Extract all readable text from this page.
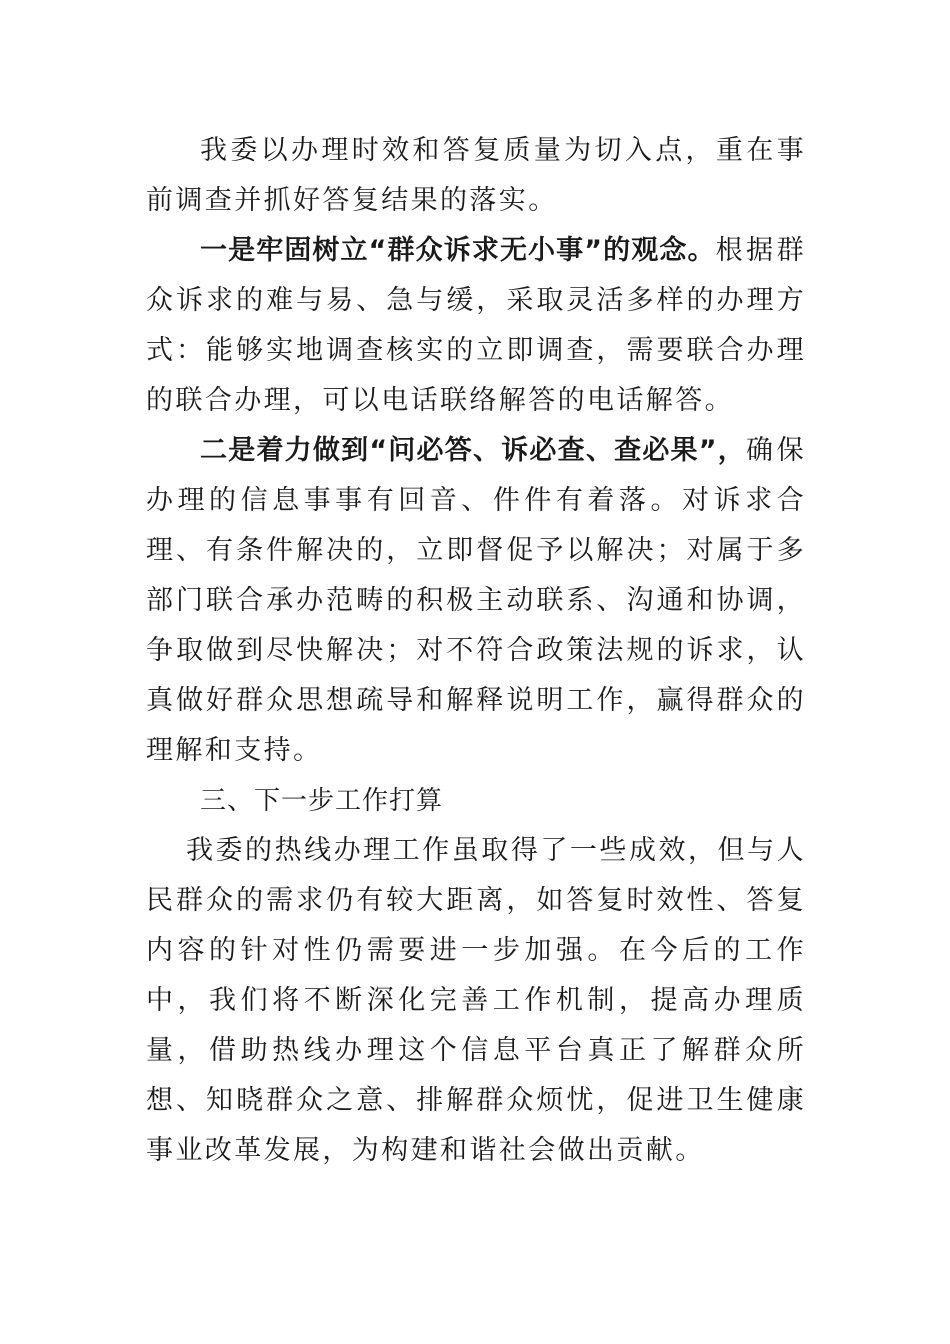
我委以办理时效和答复质量为切入点，重在事前调查并抓好答复结果的落实。

一是牢固树立“群众诉求无小事”的观念。根据群众诉求的难与易、急与缓，采取灵活多样的办理方式：能够实地调查核实的立即调查，需要联合办理的联合办理，可以电话联络解答的电话解答。

二是着力做到“问必答、诉必查、查必果”，确保办理的信息事事有回音、件件有着落。对诉求合理、有条件解决的，立即督促予以解决；对属于多部门联合承办范畴的积极主动联系、沟通和协调，争取做到尽快解决；对不符合政策法规的诉求，认真做好群众思想疏导和解释说明工作，赢得群众的理解和支持。

三、下一步工作打算

我委的热线办理工作虽取得了一些成效，但与人民群众的需求仍有较大距离，如答复时效性、答复内容的针对性仍需要进一步加强。在今后的工作中，我们将不断深化完善工作机制，提高办理质量，借助热线办理这个信息平台真正了解群众所想、知晓群众之意、排解群众烦忧，促进卫生健康事业改革发展，为构建和谐社会做出贡献。
